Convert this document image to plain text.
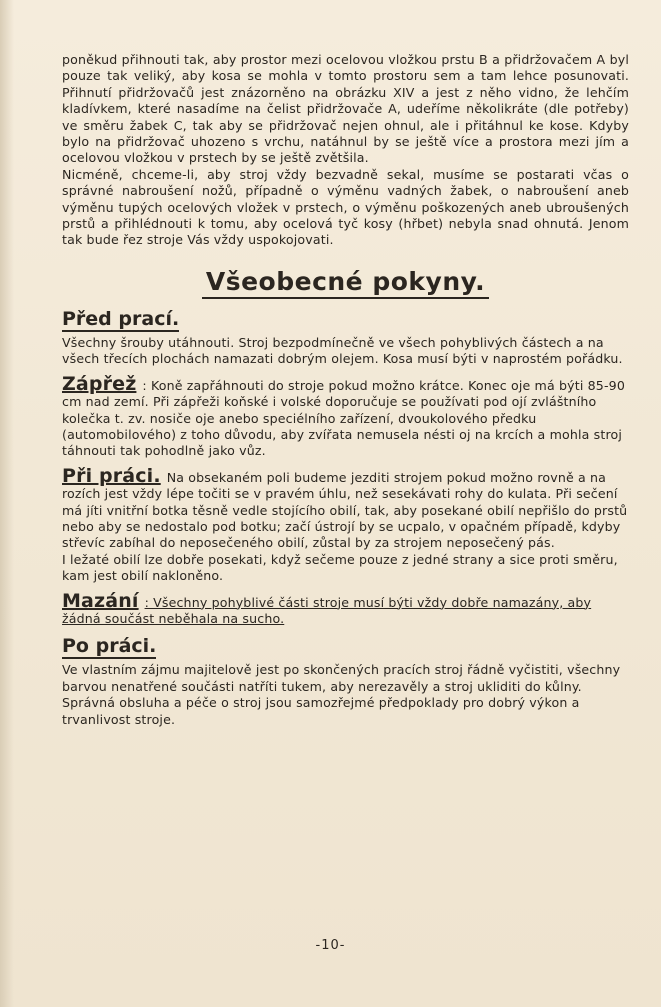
poněkud přihnouti tak, aby prostor mezi ocelovou vložkou prstu B a přidržovačem A byl pouze tak veliký, aby kosa se mohla v tomto prostoru sem a tam lehce posunovati. Přihnutí přidržovačů jest znázorněno na obrázku XIV a jest z něho vidno, že lehčím kladívkem, které nasadíme na čelist přidržovače A, udeříme několikráte (dle potřeby) ve směru žabek C, tak aby se přidržovač nejen ohnul, ale i přitáhnul ke kose. Kdyby bylo na přidržovač uhozeno s vrchu, natáhnul by se ještě více a prostora mezi jím a ocelovou vložkou v prstech by se ještě zvětšila.

Nicméně, chceme-li, aby stroj vždy bezvadně sekal, musíme se postarati včas o správné nabroušení nožů, případně o výměnu vadných žabek, o nabroušení aneb výměnu tupých ocelových vložek v prstech, o výměnu poškozených aneb ubroušených prstů a přihlédnouti k tomu, aby ocelová tyč kosy (hřbet) nebyla snad ohnutá. Jenom tak bude řez stroje Vás vždy uspokojovati.

Všeobecné pokyny.
Před prací.

Všechny šrouby utáhnouti. Stroj bezpodmínečně ve všech pohyblivých částech a na všech třecích plochách namazati dobrým olejem. Kosa musí býti v naprostém pořádku.

Zápřež : Koně zapřáhnouti do stroje pokud možno krátce. Konec oje má býti 85-90 cm nad zemí. Při zápřeži koňské i volské doporučuje se používati pod ojí zvláštního kolečka t. zv. nosiče oje anebo speciélního zařízení, dvoukolového předku (automobilového) z toho důvodu, aby zvířata nemusela nésti oj na krcích a mohla stroj táhnouti tak pohodlně jako vůz.

Při práci. Na obsekaném poli budeme jezditi strojem pokud možno rovně a na rozích jest vždy lépe točiti se v pravém úhlu, než sesekávati rohy do kulata. Při sečení má jíti vnitřní botka těsně vedle stojícího obilí, tak, aby posekané obilí nepřišlo do prstů nebo aby se nedostalo pod botku; začí ústrojí by se ucpalo, v opačném případě, kdyby střevíc zabíhal do neposečeného obilí, zůstal by za strojem neposečený pás.

I ležaté obilí lze dobře posekati, když sečeme pouze z jedné strany a sice proti směru, kam jest obilí nakloněno.

Mazání : Všechny pohyblivé části stroje musí býti vždy dobře namazány, aby žádná součást neběhala na sucho.

Po práci.

Ve vlastním zájmu majitelově jest po skončených pracích stroj řádně vyčistiti, všechny barvou nenatřené součásti natříti tukem, aby nerezavěly a stroj ukliditi do kůlny. Správná obsluha a péče o stroj jsou samozřejmé předpoklady pro dobrý výkon a trvanlivost stroje.

-10-
